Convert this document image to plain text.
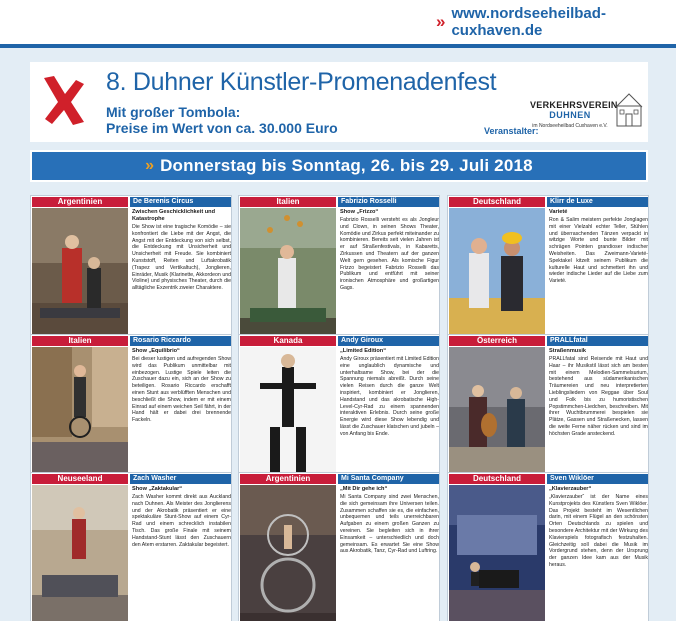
» www.nordseeheilbad-cuxhaven.de
8. Duhner Künstler-Promenadenfest
Mit großer Tombola:
Preise im Wert von ca. 30.000 Euro	Veranstalter:
VERKEHRSVEREIN
DUHNEN
im Nordseeheilbad Cuxhaven e.V.
» Donnerstag bis Sonntag, 26. bis 29. Juli 2018
Argentinien	De Berenis Circus
Zwischen Geschicklichkeit und Katastrophe
Die Show ist eine tragische Komödie – sie konfrontiert die Liebe mit der Angst, die Angst mit der Entdeckung von sich selbst, die Entdeckung mit Unsicherheit und Unsicherheit mit Freude. Sie kombiniert Kunststoff, Reiten und Luftakrobatik (Trapez und Vertikaltuch), Jonglieren, Einräder, Musik (Klarinette, Akkordeon und Violine) und physisches Theater, durch die alltägliche Exzentrik zweier Charaktere.
Italien	Fabrizio Rosselli
Show „Frizzo“
Fabrizio Rosselli versteht es als Jongleur und Clown, in seinen Shows Theater, Komödie und Zirkus perfekt miteinander zu kombinieren. Bereits seit vielen Jahren ist er auf Straßenfestivals, in Kabaretts, Zirkussen und Theatern auf der ganzen Welt gern gesehen. Als komische Figur Frizzo begeistert Fabrizio Rosselli das Publikum und entführt mit seiner ironischen Atmosphäre und großartigen Gags.
Deutschland	Klirr de Luxe
Varieté
Ron & Salim meistern perfekte Jonglagen mit einer Vielzahl echter Teller, Stühlen und überraschenden Tänzen verpackt in witzige Worte und bunte Bilder mit schrägen Pointen grandioser indischer Weisheiten. Das Zweimann-Varieté-Spektakel kitzelt seinem Publikum die kulturelle Haut und schmettert ihn und wieder indische Lieder auf die Liebe zum Varieté.
Italien	Rosario Riccardo
Show „Equilibrio“
Bei dieser lustigen und aufregenden Show wird das Publikum unmittelbar mit einbezogen. Lustige Spiele leiten die Zuschauer dazu ein, sich an der Show zu beteiligen. Rosario Riccardo erschafft einen Stunt aus verblüfften Menschen und beschließt die Show, indem er mit einem Einrad auf einem weichen Seil fährt, in der Hand hält er dabei drei brennende Fackeln.
Kanada	Andy Giroux
„Limited Edition“
Andy Giroux präsentiert mit Limited Edition eine unglaublich dynamische und unterhaltsame Show, bei der die Spannung niemals abreißt. Durch seine vielen Reisen durch die ganze Welt inspiriert, kombiniert er Jonglieren, Handstand und das akrobatische High-Level-Cyr-Rad zu einem spannenden interaktiven Erlebnis. Durch seine große Energie wird diese Show lebendig und lässt die Zuschauer klatschen und jubeln – von Anfang bis Ende.
Österreich	PRALLfatal
Straßenmusik
PRALLfatal sind Reisende mit Haut und Haar – ihr Musikstil lässt sich am besten mit einem Melodien-Sammelsurium, bestehend aus südamerikanischen Träumereien und neu interpretierten Lieblingsliedern von Reggae über Soul und Folk bis zu humoristischen Popstimmchen-Liedchen, beschreiben. Mit ihrer Wuchtbrummerei bespielen sie Plätze, Gassen und Straßenecken, lassen die weite Ferne näher rücken und sind im höchsten Grade ansteckend.
Neuseeland	Zach Washer
Show „Zaktakular“
Zach Washer kommt direkt aus Auckland nach Duhnen. Als Meister des Jonglierens und der Akrobatik präsentiert er eine spektakuläre Stunt-Show auf einem Cyr-Rad und einem schrecklich instabilen Tisch. Das große Finale mit seinem Handstand-Stunt lässt den Zuschauern den Atem erstarren. Zaktakular begeistert.
Argentinien	Mi Santa Company
„Mit Dir gehe ich“
Mi Santa Company sind zwei Menschen, die sich gemeinsam ihre Universen teilen. Zusammen schaffen sie es, die einfachen, unbequemen und teils unerreichbaren Aufgaben zu einem großen Ganzen zu vereinen. Sie begleiten sich in ihrer Einsamkeit – unterschiedlich und doch gemeinsam. Es erwartet Sie eine Show aus Akrobatik, Tanz, Cyr-Rad und Luftring.
Deutschland	Sven Wiklöer
„Klavierzauber“
„Klavierzauber“ ist der Name eines Kunstprojekts des Künstlers Sven Wiklöer. Das Projekt besteht im Wesentlichen darin, mit einem Flügel an den schönsten Orten Deutschlands zu spielen und besondere Architektur mit der Wirkung des Klavierspiels fotografisch festzuhalten. Gleichzeitig soll dabei die Musik im Vordergrund stehen, denn der Ursprung der ganzen Idee kam aus der Musik heraus.
